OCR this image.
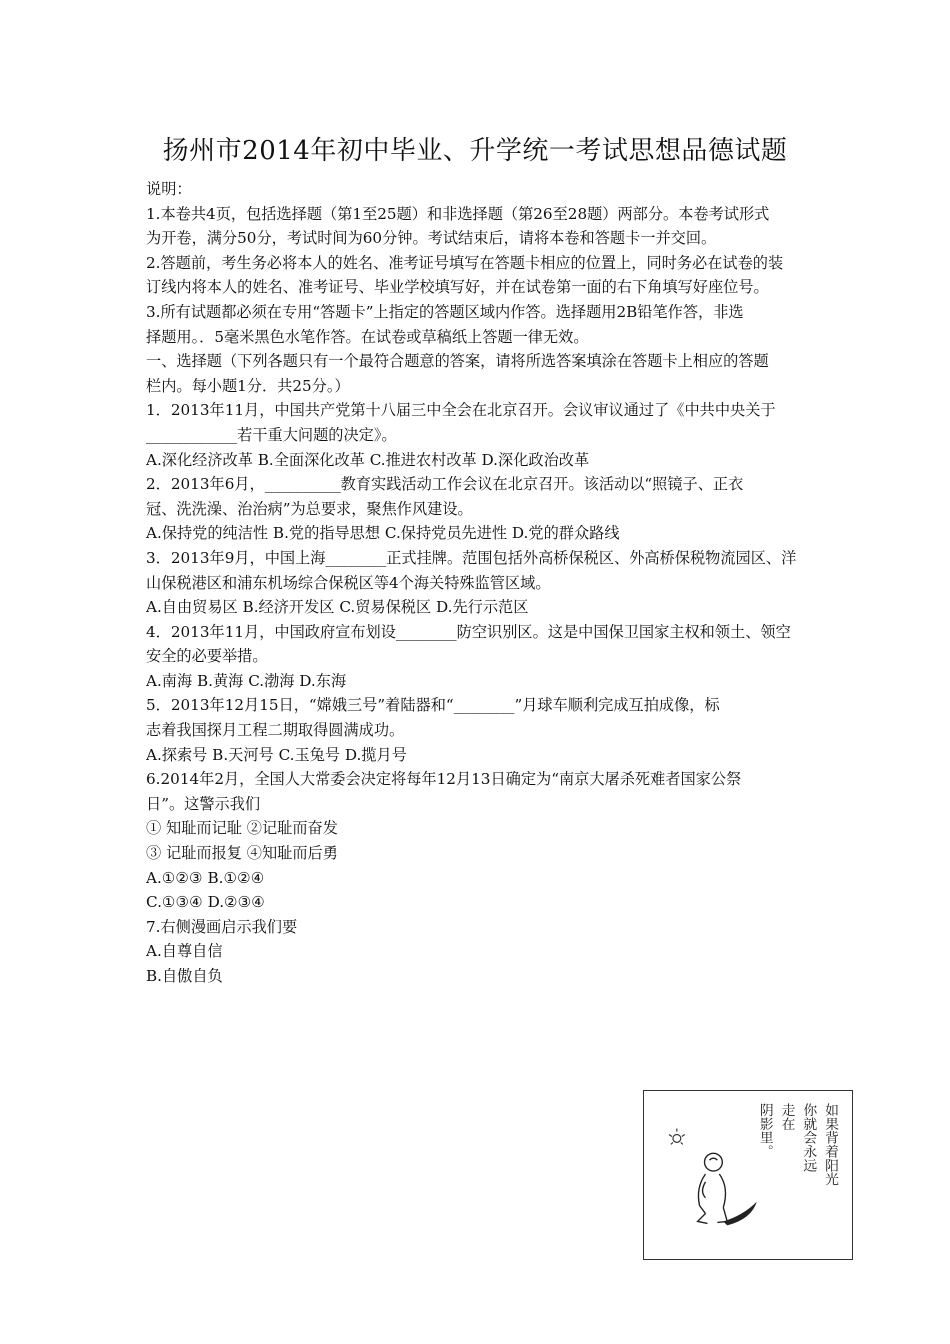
扬州市2014年初中毕业、升学统一考试思想品德试题
说明：
1.本卷共4页，包括选择题（第1至25题）和非选择题（第26至28题）两部分。本卷考试形式
为开卷，满分50分，考试时间为60分钟。考试结束后，请将本卷和答题卡一并交回。
2.答题前，考生务必将本人的姓名、准考证号填写在答题卡相应的位置上，同时务必在试卷的装
订线内将本人的姓名、准考证号、毕业学校填写好，并在试卷第一面的右下角填写好座位号。
3.所有试题都必须在专用“答题卡”上指定的答题区域内作答。选择题用2B铅笔作答，非选
择题用。．5毫米黑色水笔作答。在试卷或草稿纸上答题一律无效。
一、选择题（下列各题只有一个最符合题意的答案，请将所选答案填涂在答题卡上相应的答题
栏内。每小题1分．共25分。）
1．2013年11月，中国共产党第十八届三中全会在北京召开。会议审议通过了《中共中央关于
____________若干重大问题的决定》。
A.深化经济改革 B.全面深化改革 C.推进农村改革 D.深化政治改革
2．2013年6月，__________教育实践活动工作会议在北京召开。该活动以“照镜子、正衣
冠、洗洗澡、治治病”为总要求，聚焦作风建设。
A.保持党的纯洁性 B.党的指导思想 C.保持党员先进性 D.党的群众路线
3．2013年9月，中国上海________正式挂牌。范围包括外高桥保税区、外高桥保税物流园区、洋
山保税港区和浦东机场综合保税区等4个海关特殊监管区域。
A.自由贸易区 B.经济开发区 C.贸易保税区 D.先行示范区
4．2013年11月，中国政府宣布划设________防空识别区。这是中国保卫国家主权和领土、领空
安全的必要举措。
A.南海 B.黄海 C.渤海 D.东海
5．2013年12月15日，“嫦娥三号”着陆器和“________”月球车顺利完成互拍成像，标
志着我国探月工程二期取得圆满成功。
A.探索号 B.天河号 C.玉兔号 D.揽月号
6.2014年2月，全国人大常委会决定将每年12月13日确定为“南京大屠杀死难者国家公祭
日”。这警示我们
① 知耻而记耻 ②记耻而奋发
③ 记耻而报复 ④知耻而后勇
A.①②③ B.①②④
C.①③④ D.②③④
7.右侧漫画启示我们要
A.自尊自信
B.自傲自负
如果背着阳光
你就会永远
走在
阴影里。
